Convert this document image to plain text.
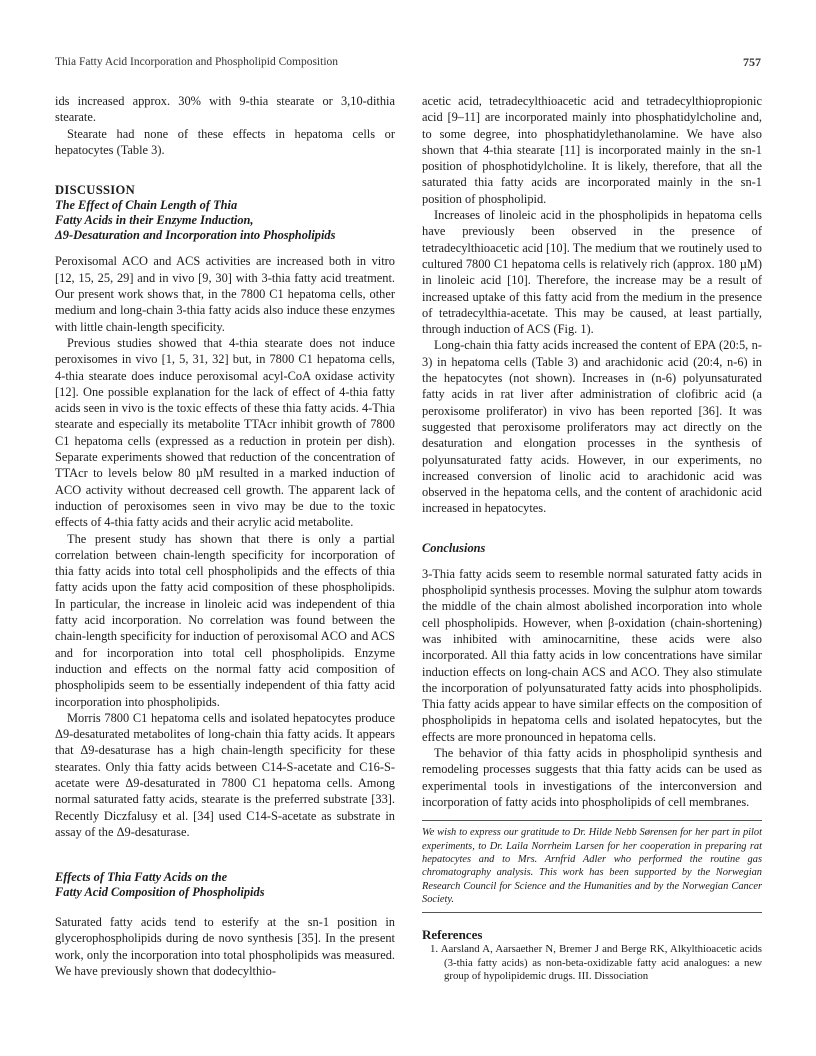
Thia Fatty Acid Incorporation and Phospholipid Composition	757

ids increased approx. 30% with 9-thia stearate or 3,10-dithia stearate.

Stearate had none of these effects in hepatoma cells or hepatocytes (Table 3).

DISCUSSION
The Effect of Chain Length of Thia
Fatty Acids in their Enzyme Induction,
Δ9-Desaturation and Incorporation into Phospholipids

Peroxisomal ACO and ACS activities are increased both in vitro [12, 15, 25, 29] and in vivo [9, 30] with 3-thia fatty acid treatment. Our present work shows that, in the 7800 C1 hepatoma cells, other medium and long-chain 3-thia fatty acids also induce these enzymes with little chain-length specificity.

Previous studies showed that 4-thia stearate does not induce peroxisomes in vivo [1, 5, 31, 32] but, in 7800 C1 hepatoma cells, 4-thia stearate does induce peroxisomal acyl-CoA oxidase activity [12]. One possible explanation for the lack of effect of 4-thia fatty acids seen in vivo is the toxic effects of these thia fatty acids. 4-Thia stearate and especially its metabolite TTAcr inhibit growth of 7800 C1 hepatoma cells (expressed as a reduction in protein per dish). Separate experiments showed that reduction of the concentration of TTAcr to levels below 80 µM resulted in a marked induction of ACO activity without decreased cell growth. The apparent lack of induction of peroxisomes seen in vivo may be due to the toxic effects of 4-thia fatty acids and their acrylic acid metabolite.

The present study has shown that there is only a partial correlation between chain-length specificity for incorporation of thia fatty acids into total cell phospholipids and the effects of thia fatty acids upon the fatty acid composition of these phospholipids. In particular, the increase in linoleic acid was independent of thia fatty acid incorporation. No correlation was found between the chain-length specificity for induction of peroxisomal ACO and ACS and for incorporation into total cell phospholipids. Enzyme induction and effects on the normal fatty acid composition of phospholipids seem to be essentially independent of thia fatty acid incorporation into phospholipids.

Morris 7800 C1 hepatoma cells and isolated hepatocytes produce Δ9-desaturated metabolites of long-chain thia fatty acids. It appears that Δ9-desaturase has a high chain-length specificity for these stearates. Only thia fatty acids between C14-S-acetate and C16-S-acetate were Δ9-desaturated in 7800 C1 hepatoma cells. Among normal saturated fatty acids, stearate is the preferred substrate [33]. Recently Diczfalusy et al. [34] used C14-S-acetate as substrate in assay of the Δ9-desaturase.

Effects of Thia Fatty Acids on the
Fatty Acid Composition of Phospholipids

Saturated fatty acids tend to esterify at the sn-1 position in glycerophospholipids during de novo synthesis [35]. In the present work, only the incorporation into total phospholipids was measured. We have previously shown that dodecylthio-

acetic acid, tetradecylthioacetic acid and tetradecylthiopropionic acid [9–11] are incorporated mainly into phosphatidylcholine and, to some degree, into phosphatidylethanolamine. We have also shown that 4-thia stearate [11] is incorporated mainly in the sn-1 position of phosphotidylcholine. It is likely, therefore, that all the saturated thia fatty acids are incorporated mainly in the sn-1 position of phospholipid.

Increases of linoleic acid in the phospholipids in hepatoma cells have previously been observed in the presence of tetradecylthioacetic acid [10]. The medium that we routinely used to cultured 7800 C1 hepatoma cells is relatively rich (approx. 180 µM) in linoleic acid [10]. Therefore, the increase may be a result of increased uptake of this fatty acid from the medium in the presence of tetradecylthia-acetate. This may be caused, at least partially, through induction of ACS (Fig. 1).

Long-chain thia fatty acids increased the content of EPA (20:5, n-3) in hepatoma cells (Table 3) and arachidonic acid (20:4, n-6) in the hepatocytes (not shown). Increases in (n-6) polyunsaturated fatty acids in rat liver after administration of clofibric acid (a peroxisome proliferator) in vivo has been reported [36]. It was suggested that peroxisome proliferators may act directly on the desaturation and elongation processes in the synthesis of polyunsaturated fatty acids. However, in our experiments, no increased conversion of linolic acid to arachidonic acid was observed in the hepatoma cells, and the content of arachidonic acid increased in hepatocytes.

Conclusions

3-Thia fatty acids seem to resemble normal saturated fatty acids in phospholipid synthesis processes. Moving the sulphur atom towards the middle of the chain almost abolished incorporation into whole cell phospholipids. However, when β-oxidation (chain-shortening) was inhibited with aminocarnitine, these acids were also incorporated. All thia fatty acids in low concentrations have similar induction effects on long-chain ACS and ACO. They also stimulate the incorporation of polyunsaturated fatty acids into phospholipids. Thia fatty acids appear to have similar effects on the composition of phospholipids in hepatoma cells and isolated hepatocytes, but the effects are more pronounced in hepatoma cells.

The behavior of thia fatty acids in phospholipid synthesis and remodeling processes suggests that thia fatty acids can be used as experimental tools in investigations of the interconversion and incorporation of fatty acids into phospholipids of cell membranes.

We wish to express our gratitude to Dr. Hilde Nebb Sørensen for her part in pilot experiments, to Dr. Laila Norrheim Larsen for her cooperation in preparing rat hepatocytes and to Mrs. Arnfrid Adler who performed the routine gas chromatography analysis. This work has been supported by the Norwegian Research Council for Science and the Humanities and by the Norwegian Cancer Society.
References
1. Aarsland A, Aarsaether N, Bremer J and Berge RK, Alkylthioacetic acids (3-thia fatty acids) as non-beta-oxidizable fatty acid analogues: a new group of hypolipidemic drugs. III. Dissociation
